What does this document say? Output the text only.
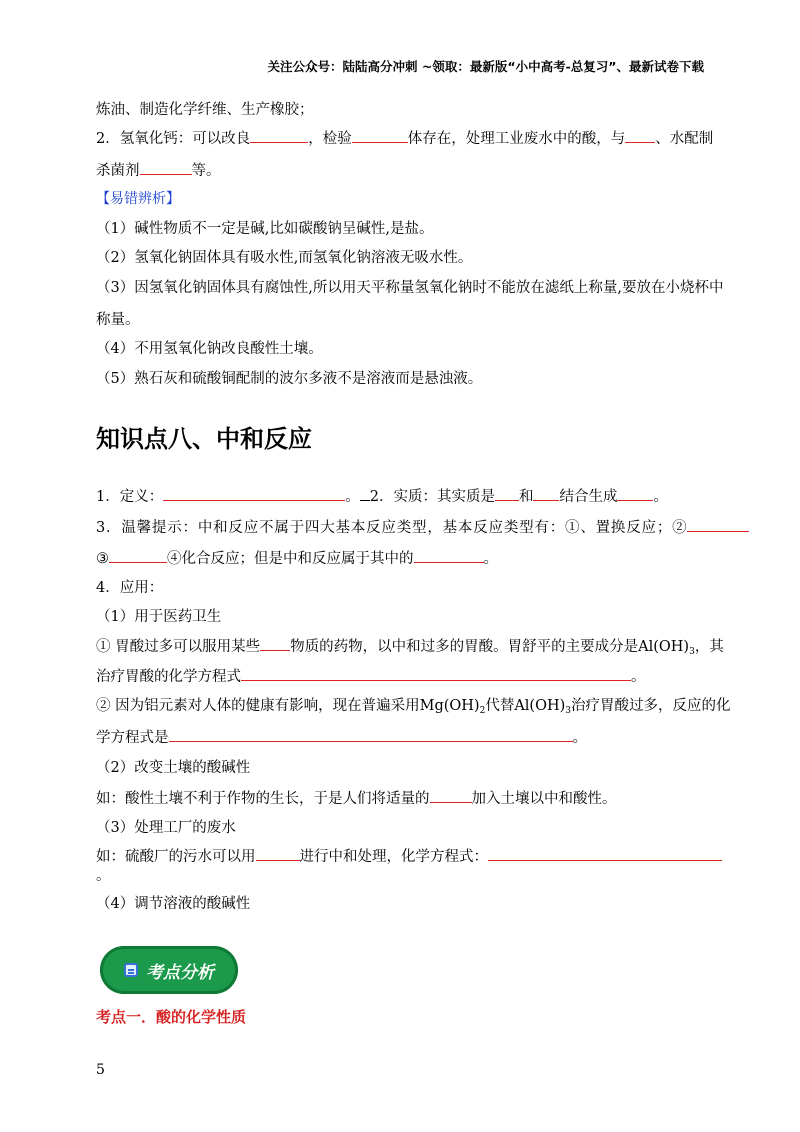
关注公众号：陆陆高分冲刺 ~领取：最新版“小中高考-总复习”、最新试卷下载
炼油、制造化学纤维、生产橡胶；
2．氢氧化钙：可以改良	，检验	体存在，处理工业废水中的酸，与 、水配制
杀菌剂	等。
【易错辨析】
（1）碱性物质不一定是碱,比如碳酸钠呈碱性,是盐。
（2）氢氧化钠固体具有吸水性,而氢氧化钠溶液无吸水性。
（3）因氢氧化钠固体具有腐蚀性,所以用天平称量氢氧化钠时不能放在滤纸上称量,要放在小烧杯中
称量。
（4）不用氢氧化钠改良酸性土壤。
（5）熟石灰和硫酸铜配制的波尔多液不是溶液而是悬浊液。
知识点八、中和反应
1．定义：	。 2．实质：其实质是 和 结合生成 。
3．温馨提示：中和反应不属于四大基本反应类型，基本反应类型有：①、置换反应；②
③	④化合反应；但是中和反应属于其中的	。
4．应用：
（1）用于医药卫生
① 胃酸过多可以服用某些 物质的药物，以中和过多的胃酸。胃舒平的主要成分是$Al(OH)_3$，其
治疗胃酸的化学方程式	。
② 因为铝元素对人体的健康有影响，现在普遍采用$Mg(OH)_2$代替$Al(OH)_3$治疗胃酸过多，反应的化
学方程式是	。
（2）改变土壤的酸碱性
如：酸性土壤不利于作物的生长，于是人们将适量的	加入土壤以中和酸性。
（3）处理工厂的废水
如：硫酸厂的污水可以用	进行中和处理，化学方程式：
。
（4）调节溶液的酸碱性
考点分析
考点一．酸的化学性质
5
